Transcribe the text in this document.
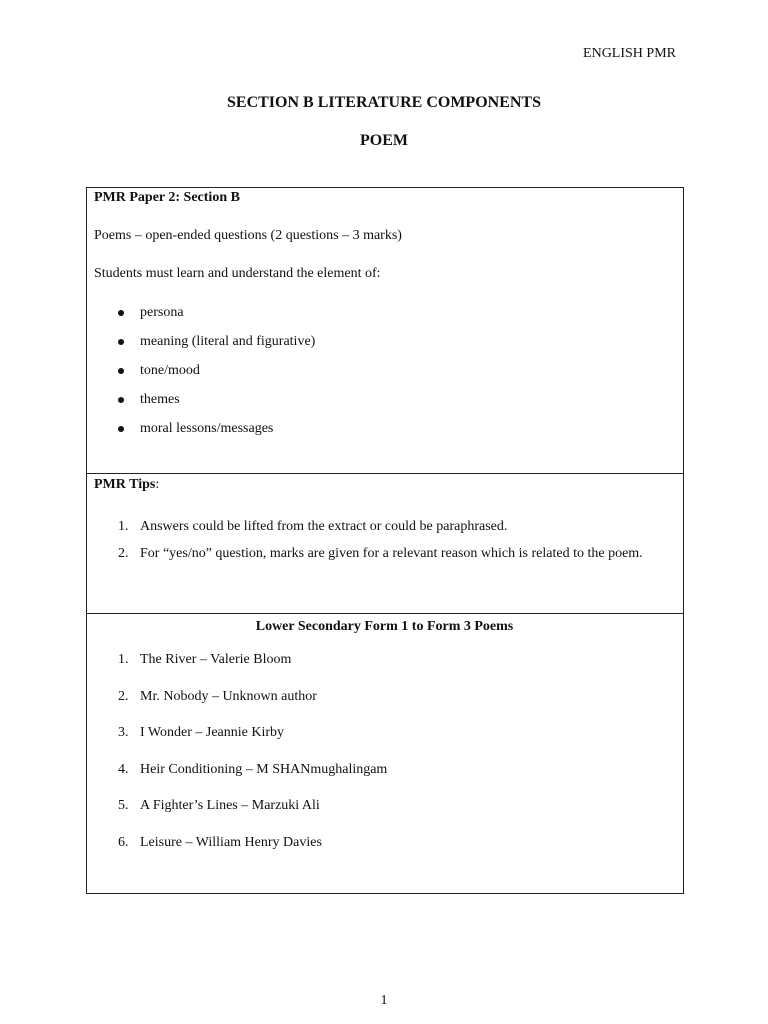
ENGLISH PMR
SECTION B LITERATURE COMPONENTS
POEM

PMR Paper 2: Section B

Poems – open-ended questions (2 questions – 3 marks)

Students must learn and understand the element of:

persona
meaning (literal and figurative)
tone/mood
themes
moral lessons/messages

PMR Tips:

1. Answers could be lifted from the extract or could be paraphrased.
2. For “yes/no” question, marks are given for a relevant reason which is related to the poem.

Lower Secondary Form 1 to Form 3 Poems

1. The River – Valerie Bloom
2. Mr. Nobody – Unknown author
3. I Wonder – Jeannie Kirby
4. Heir Conditioning – M SHANmughalingam
5. A Fighter’s Lines – Marzuki Ali
6. Leisure – William Henry Davies
1
